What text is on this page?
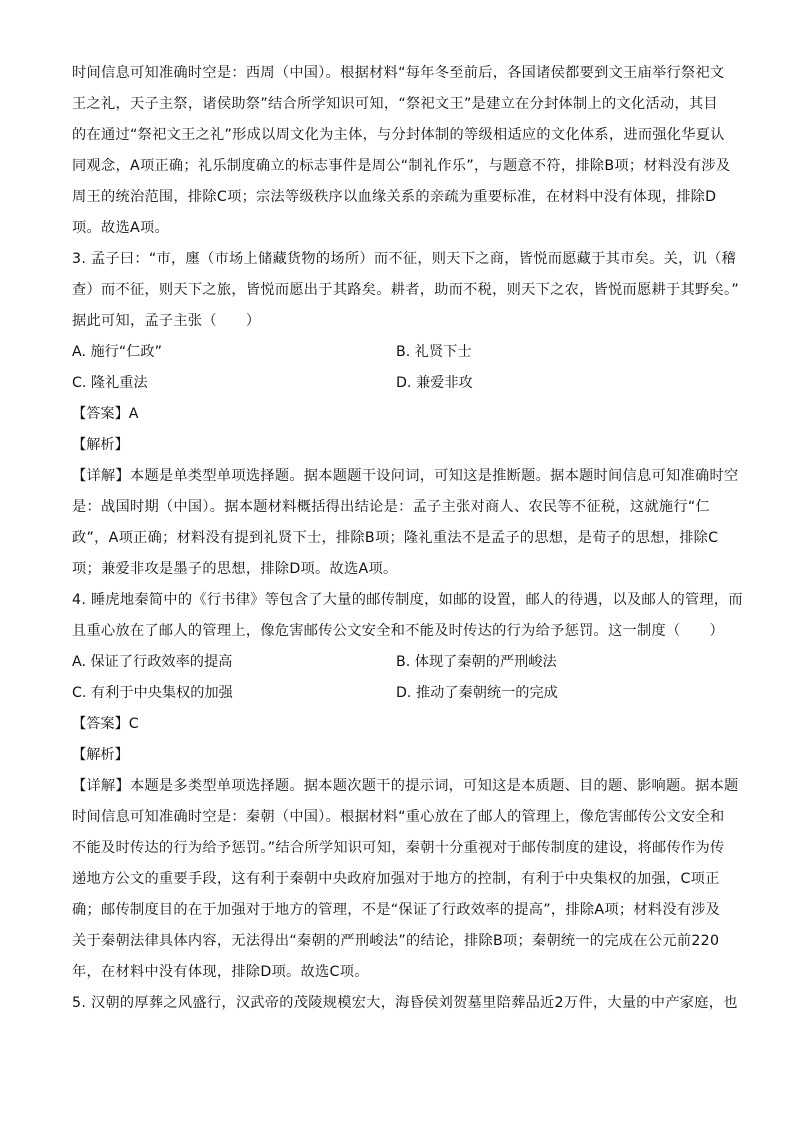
时间信息可知准确时空是：西周（中国）。根据材料“每年冬至前后，各国诸侯都要到文王庙举行祭祀文
王之礼，天子主祭，诸侯助祭”结合所学知识可知，“祭祀文王”是建立在分封体制上的文化活动，其目
的在通过“祭祀文王之礼”形成以周文化为主体，与分封体制的等级相适应的文化体系，进而强化华夏认
同观念，A项正确；礼乐制度确立的标志事件是周公“制礼作乐”，与题意不符，排除B项；材料没有涉及
周王的统治范围，排除C项；宗法等级秩序以血缘关系的亲疏为重要标准，在材料中没有体现，排除D
项。故选A项。
3. 孟子曰：“市，廛（市场上储藏货物的场所）而不征，则天下之商，皆悦而愿藏于其市矣。关，讥（稽
查）而不征，则天下之旅，皆悦而愿出于其路矣。耕者，助而不税，则天下之农，皆悦而愿耕于其野矣。”
据此可知，孟子主张（　　）
A. 施行“仁政”	B. 礼贤下士
C. 隆礼重法	D. 兼爱非攻
【答案】A
【解析】
【详解】本题是单类型单项选择题。据本题题干设问词，可知这是推断题。据本题时间信息可知准确时空
是：战国时期（中国）。据本题材料概括得出结论是：孟子主张对商人、农民等不征税，这就施行“仁
政”，A项正确；材料没有提到礼贤下士，排除B项；隆礼重法不是孟子的思想，是荀子的思想，排除C
项；兼爱非攻是墨子的思想，排除D项。故选A项。
4. 睡虎地秦简中的《行书律》等包含了大量的邮传制度，如邮的设置，邮人的待遇，以及邮人的管理，而
且重心放在了邮人的管理上，像危害邮传公文安全和不能及时传达的行为给予惩罚。这一制度（　　）
A. 保证了行政效率的提高	B. 体现了秦朝的严刑峻法
C. 有利于中央集权的加强	D. 推动了秦朝统一的完成
【答案】C
【解析】
【详解】本题是多类型单项选择题。据本题次题干的提示词，可知这是本质题、目的题、影响题。据本题
时间信息可知准确时空是：秦朝（中国）。根据材料“重心放在了邮人的管理上，像危害邮传公文安全和
不能及时传达的行为给予惩罚。”结合所学知识可知，秦朝十分重视对于邮传制度的建设，将邮传作为传
递地方公文的重要手段，这有利于秦朝中央政府加强对于地方的控制，有利于中央集权的加强，C项正
确；邮传制度目的在于加强对于地方的管理，不是“保证了行政效率的提高”，排除A项；材料没有涉及
关于秦朝法律具体内容，无法得出“秦朝的严刑峻法”的结论，排除B项；秦朝统一的完成在公元前220
年，在材料中没有体现，排除D项。故选C项。
5. 汉朝的厚葬之风盛行，汉武帝的茂陵规模宏大，海昏侯刘贺墓里陪葬品近2万件，大量的中产家庭，也
